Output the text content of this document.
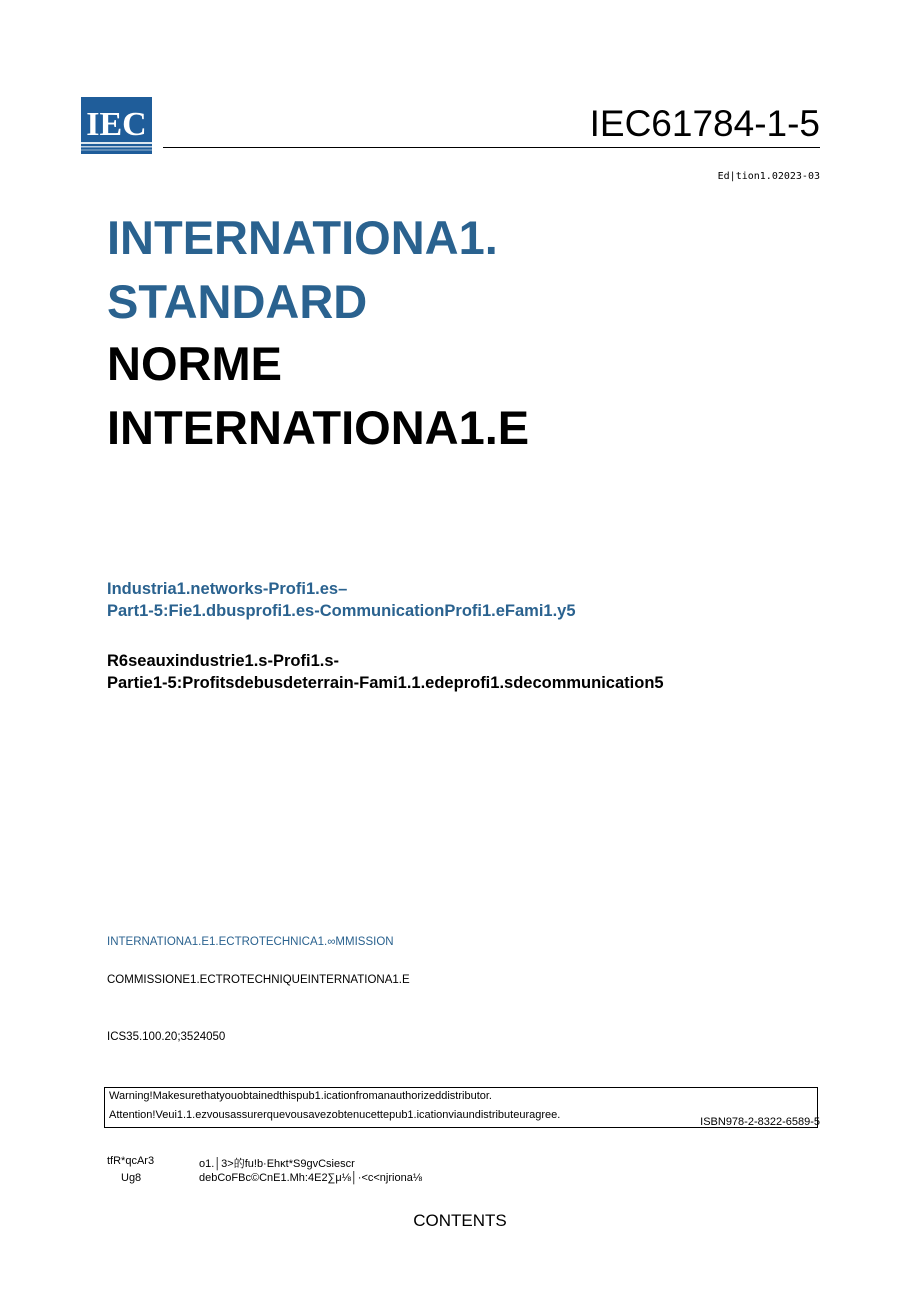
IEC	IEC61784-1-5
Ed|tion1.02023-03
INTERNATIONA1.
STANDARD
NORME
INTERNATIONA1.E
Industria1.networks-Profi1.es–
Part1-5:Fie1.dbusprofi1.es-CommunicationProfi1.eFami1.y5
R6seauxindustrie1.s-Profi1.s-
Partie1-5:Profitsdebusdeterrain-Fami1.1.edeprofi1.sdecommunication5
INTERNATIONA1.E1.ECTROTECHNICA1.∞MMISSION
COMMISSIONE1.ECTROTECHNIQUEINTERNATIONA1.E
ICS35.100.20;3524050
Warning!Makesurethatyouobtainedthispub1.icationfromanauthorizeddistributor.
Attention!Veui1.1.ezvousassurerquevousavezobtenucettepub1.icationviaundistributeuragree.
ISBN978-2-8322-6589-5
tfR*qcAr3	o1.│3>的fu!b·Ehκt*S9gvCsiescr
Ug8	debCoFBc©CnE1.Mh:4E2∑μ⅛│·<c<njriona⅛
CONTENTS
